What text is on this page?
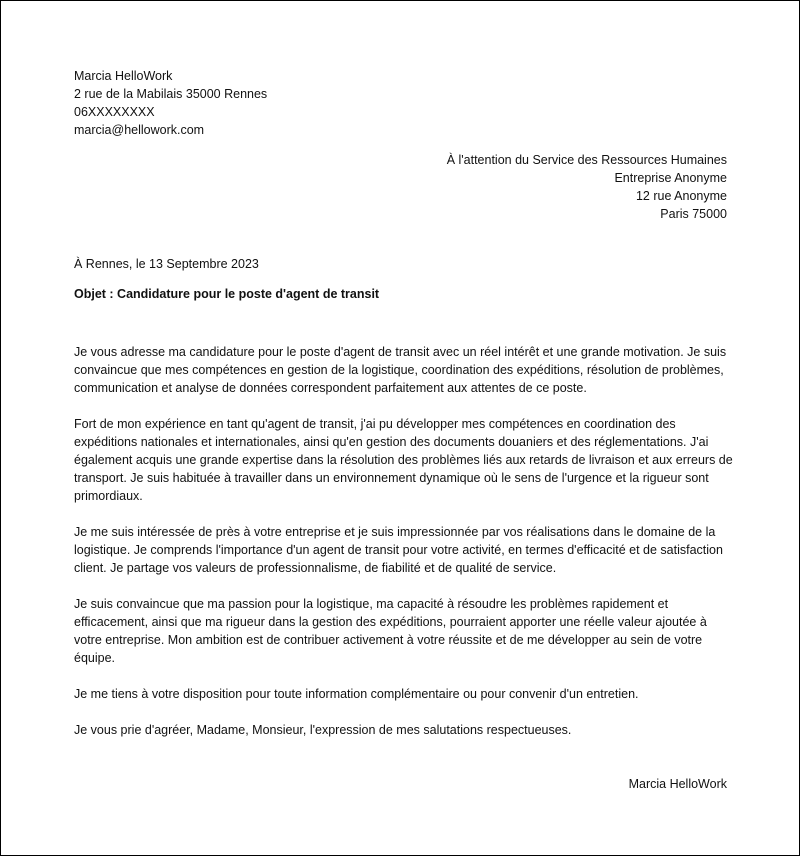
Marcia HelloWork
2 rue de la Mabilais 35000 Rennes
06XXXXXXXX
marcia@hellowork.com
À l'attention du Service des Ressources Humaines
Entreprise Anonyme
12 rue Anonyme
Paris 75000
À Rennes, le 13 Septembre 2023
Objet : Candidature pour le poste d'agent de transit

Je vous adresse ma candidature pour le poste d'agent de transit avec un réel intérêt et une grande motivation. Je suis convaincue que mes compétences en gestion de la logistique, coordination des expéditions, résolution de problèmes, communication et analyse de données correspondent parfaitement aux attentes de ce poste.

Fort de mon expérience en tant qu'agent de transit, j'ai pu développer mes compétences en coordination des expéditions nationales et internationales, ainsi qu'en gestion des documents douaniers et des réglementations. J'ai également acquis une grande expertise dans la résolution des problèmes liés aux retards de livraison et aux erreurs de transport. Je suis habituée à travailler dans un environnement dynamique où le sens de l'urgence et la rigueur sont primordiaux.

Je me suis intéressée de près à votre entreprise et je suis impressionnée par vos réalisations dans le domaine de la logistique. Je comprends l'importance d'un agent de transit pour votre activité, en termes d'efficacité et de satisfaction client. Je partage vos valeurs de professionnalisme, de fiabilité et de qualité de service.

Je suis convaincue que ma passion pour la logistique, ma capacité à résoudre les problèmes rapidement et efficacement, ainsi que ma rigueur dans la gestion des expéditions, pourraient apporter une réelle valeur ajoutée à votre entreprise. Mon ambition est de contribuer activement à votre réussite et de me développer au sein de votre équipe.

Je me tiens à votre disposition pour toute information complémentaire ou pour convenir d'un entretien.

Je vous prie d'agréer, Madame, Monsieur, l'expression de mes salutations respectueuses.

Marcia HelloWork
